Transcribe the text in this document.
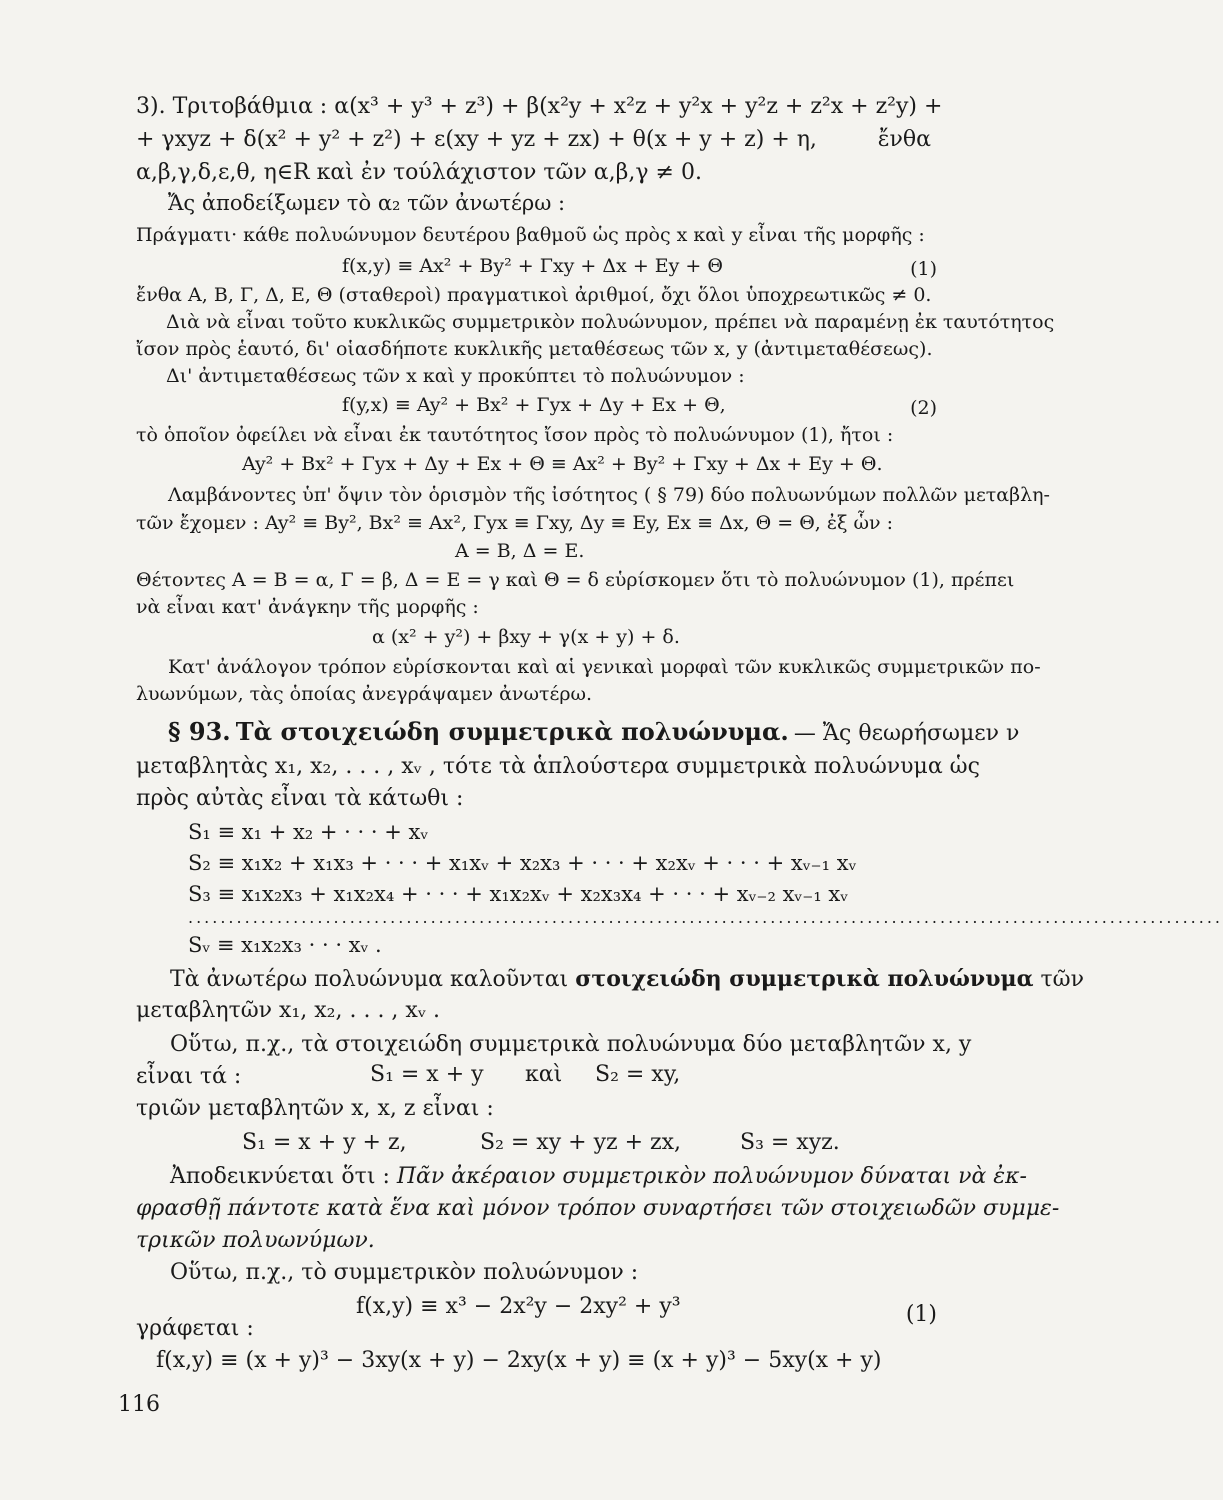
3). Τριτοβάθμια : α(x³ + y³ + z³) + β(x²y + x²z + y²x + y²z + z²x + z²y) +
+ γxyz + δ(x² + y² + z²) + ε(xy + yz + zx) + θ(x + y + z) + η,	ἔνθα
α,β,γ,δ,ε,θ, η∈R καὶ ἐν τούλάχιστον τῶν α,β,γ ≠ 0.
Ἄς ἀποδείξωμεν τὸ α₂ τῶν ἀνωτέρω :
Πράγματι· κάθε πολυώνυμον δευτέρου βαθμοῦ ὡς πρὸς x καὶ y εἶναι τῆς μορφῆς :
f(x,y) ≡ Ax² + By² + Γxy + Δx + Εy + Θ	(1)
ἔνθα Α, Β, Γ, Δ, Ε, Θ (σταθεροὶ) πραγματικοὶ ἀριθμοί, ὄχι ὅλοι ὑποχρεωτικῶς ≠ 0.
Διὰ νὰ εἶναι τοῦτο κυκλικῶς συμμετρικὸν πολυώνυμον, πρέπει νὰ παραμένῃ ἐκ ταυτότητος
ἴσον πρὸς ἑαυτό, δι' οἱασδήποτε κυκλικῆς μεταθέσεως τῶν x, y (ἀντιμεταθέσεως).
Δι' ἀντιμεταθέσεως τῶν x καὶ y προκύπτει τὸ πολυώνυμον :
f(y,x) ≡ Ay² + Bx² + Γyx + Δy + Εx + Θ,	(2)
τὸ ὁποῖον ὀφείλει νὰ εἶναι ἐκ ταυτότητος ἴσον πρὸς τὸ πολυώνυμον (1), ἤτοι :
Ay² + Bx² + Γyx + Δy + Εx + Θ ≡ Ax² + By² + Γxy + Δx + Εy + Θ.
Λαμβάνοντες ὑπ' ὄψιν τὸν ὁρισμὸν τῆς ἰσότητος ( § 79) δύο πολυωνύμων πολλῶν μεταβλη-
τῶν ἔχομεν : Ay² ≡ By², Bx² ≡ Ax², Γyx ≡ Γxy, Δy ≡ Εy, Εx ≡ Δx, Θ = Θ, ἐξ ὧν :
Α = Β, Δ = Ε.
Θέτοντες Α = Β = α, Γ = β, Δ = Ε = γ καὶ Θ = δ εὑρίσκομεν ὅτι τὸ πολυώνυμον (1), πρέπει
νὰ εἶναι κατ' ἀνάγκην τῆς μορφῆς :
α (x² + y²) + βxy + γ(x + y) + δ.
Κατ' ἀνάλογον τρόπον εὑρίσκονται καὶ αἱ γενικαὶ μορφαὶ τῶν κυκλικῶς συμμετρικῶν πο-
λυωνύμων, τὰς ὁποίας ἀνεγράψαμεν ἀνωτέρω.
§ 93. Τὰ στοιχειώδη συμμετρικὰ πολυώνυμα. — Ἄς θεωρήσωμεν ν
μεταβλητὰς x₁, x₂, . . . , xᵥ , τότε τὰ ἁπλούστερα συμμετρικὰ πολυώνυμα ὡς
πρὸς αὐτὰς εἶναι τὰ κάτωθι :
S₁ ≡ x₁ + x₂ + · · · + xᵥ
S₂ ≡ x₁x₂ + x₁x₃ + · · · + x₁xᵥ + x₂x₃ + · · · + x₂xᵥ + · · · + xᵥ₋₁ xᵥ
S₃ ≡ x₁x₂x₃ + x₁x₂x₄ + · · · + x₁x₂xᵥ + x₂x₃x₄ + · · · + xᵥ₋₂ xᵥ₋₁ xᵥ
................................................................................................................................
Sᵥ ≡ x₁x₂x₃ · · · xᵥ .
Τὰ ἀνωτέρω πολυώνυμα καλοῦνται στοιχειώδη συμμετρικὰ πολυώνυμα τῶν
μεταβλητῶν x₁, x₂, . . . , xᵥ .
Οὕτω, π.χ., τὰ στοιχειώδη συμμετρικὰ πολυώνυμα δύο μεταβλητῶν x, y
εἶναι τά :	S₁ = x + y καὶ S₂ = xy,
τριῶν μεταβλητῶν x, x, z εἶναι :
S₁ = x + y + z,	S₂ = xy + yz + zx,	S₃ = xyz.
Ἀποδεικνύεται ὅτι : Πᾶν ἀκέραιον συμμετρικὸν πολυώνυμον δύναται νὰ ἐκ-
φρασθῇ πάντοτε κατὰ ἕνα καὶ μόνον τρόπον συναρτήσει τῶν στοιχειωδῶν συμμε-
τρικῶν πολυωνύμων.
Οὕτω, π.χ., τὸ συμμετρικὸν πολυώνυμον :
f(x,y) ≡ x³ − 2x²y − 2xy² + y³	(1)
γράφεται :
f(x,y) ≡ (x + y)³ − 3xy(x + y) − 2xy(x + y) ≡ (x + y)³ − 5xy(x + y)
116
